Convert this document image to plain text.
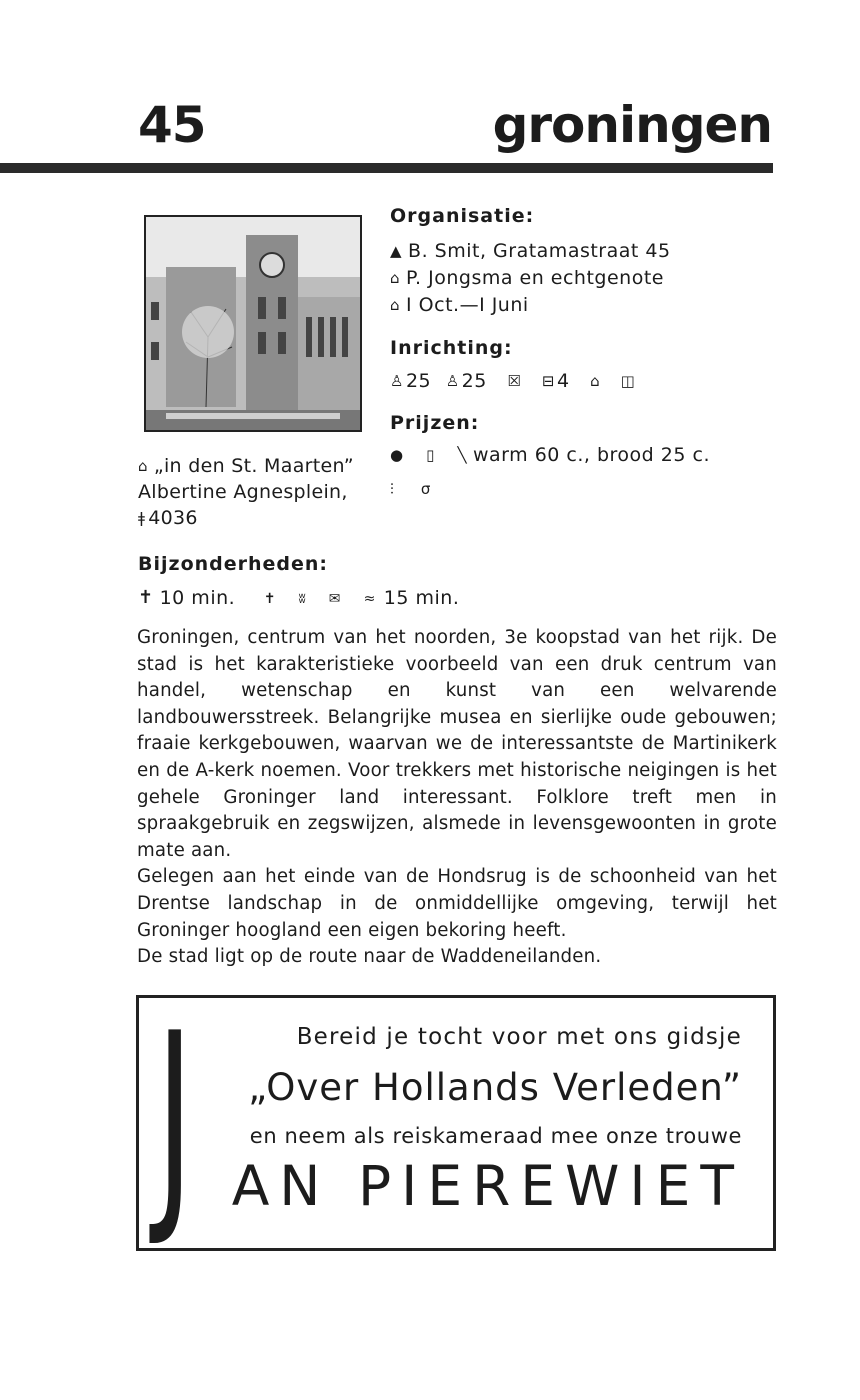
45	groningen
Organisatie:
▲ B. Smit, Gratamastraat 45
⌂ P. Jongsma en echtgenote
⌂ I Oct.—I Juni
Inrichting:
♙ 25 ♙ 25 ☒ ⊟ 4 ⌂ ◫
Prijzen:
● ▯ ╲ warm 60 c., brood 25 c.
⫶ σ
⌂ „in den St. Maarten”
Albertine Agnesplein,
ǂ 4036
Bijzonderheden:
✝ 10 min. ✝ ʬ ✉ ≈ 15 min.

Groningen, centrum van het noorden, 3e koopstad van het rijk. De stad is het karakteristieke voorbeeld van een druk centrum van handel, wetenschap en kunst van een welvarende landbouwersstreek. Belangrijke musea en sierlijke oude gebouwen; fraaie kerkgebouwen, waarvan we de interessantste de Martinikerk en de A-kerk noemen. Voor trekkers met historische neigingen is het gehele Groninger land interessant. Folklore treft men in spraakgebruik en zegswijzen, alsmede in levensgewoonten in grote mate aan.

Gelegen aan het einde van de Hondsrug is de schoonheid van het Drentse landschap in de onmiddellijke omgeving, terwijl het Groninger hoogland een eigen bekoring heeft.

De stad ligt op de route naar de Waddeneilanden.

J	Bereid je tocht voor met ons gidsje
„Over Hollands Verleden”
en neem als reiskameraad mee onze trouwe
AN PIEREWIET
